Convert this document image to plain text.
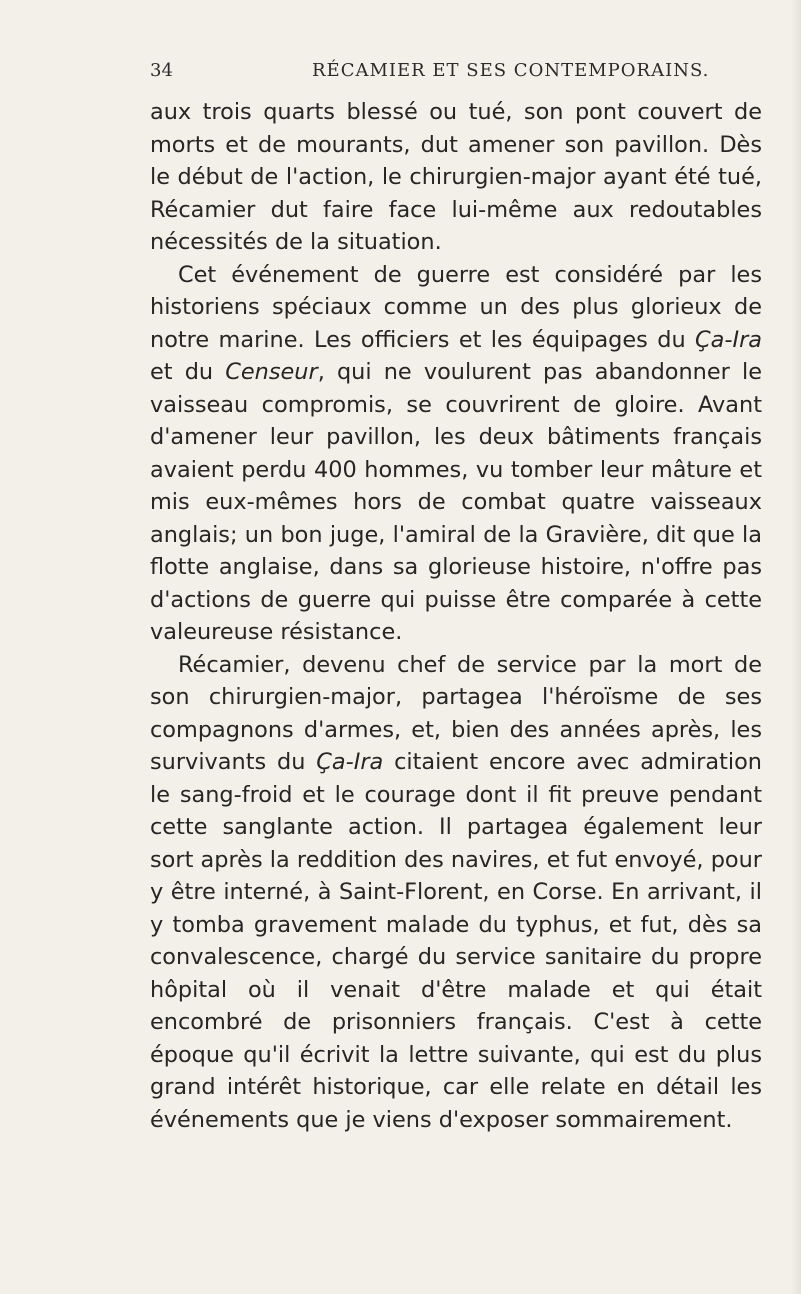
34	RÉCAMIER ET SES CONTEMPORAINS.

aux trois quarts blessé ou tué, son pont couvert de morts et de mourants, dut amener son pavillon. Dès le début de l'action, le chirurgien-major ayant été tué, Récamier dut faire face lui-même aux redoutables nécessités de la situation.

Cet événement de guerre est considéré par les historiens spéciaux comme un des plus glorieux de notre marine. Les officiers et les équipages du Ça-Ira et du Censeur, qui ne voulurent pas abandonner le vaisseau compromis, se couvrirent de gloire. Avant d'amener leur pavillon, les deux bâtiments français avaient perdu 400 hommes, vu tomber leur mâture et mis eux-mêmes hors de combat quatre vaisseaux anglais; un bon juge, l'amiral de la Gravière, dit que la flotte anglaise, dans sa glorieuse histoire, n'offre pas d'actions de guerre qui puisse être comparée à cette valeureuse résistance.

Récamier, devenu chef de service par la mort de son chirurgien-major, partagea l'héroïsme de ses compagnons d'armes, et, bien des années après, les survivants du Ça-Ira citaient encore avec admiration le sang-froid et le courage dont il fit preuve pendant cette sanglante action. Il partagea également leur sort après la reddition des navires, et fut envoyé, pour y être interné, à Saint-Florent, en Corse. En arrivant, il y tomba gravement malade du typhus, et fut, dès sa convalescence, chargé du service sanitaire du propre hôpital où il venait d'être malade et qui était encombré de prisonniers français. C'est à cette époque qu'il écrivit la lettre suivante, qui est du plus grand intérêt historique, car elle relate en détail les événements que je viens d'exposer sommairement.
